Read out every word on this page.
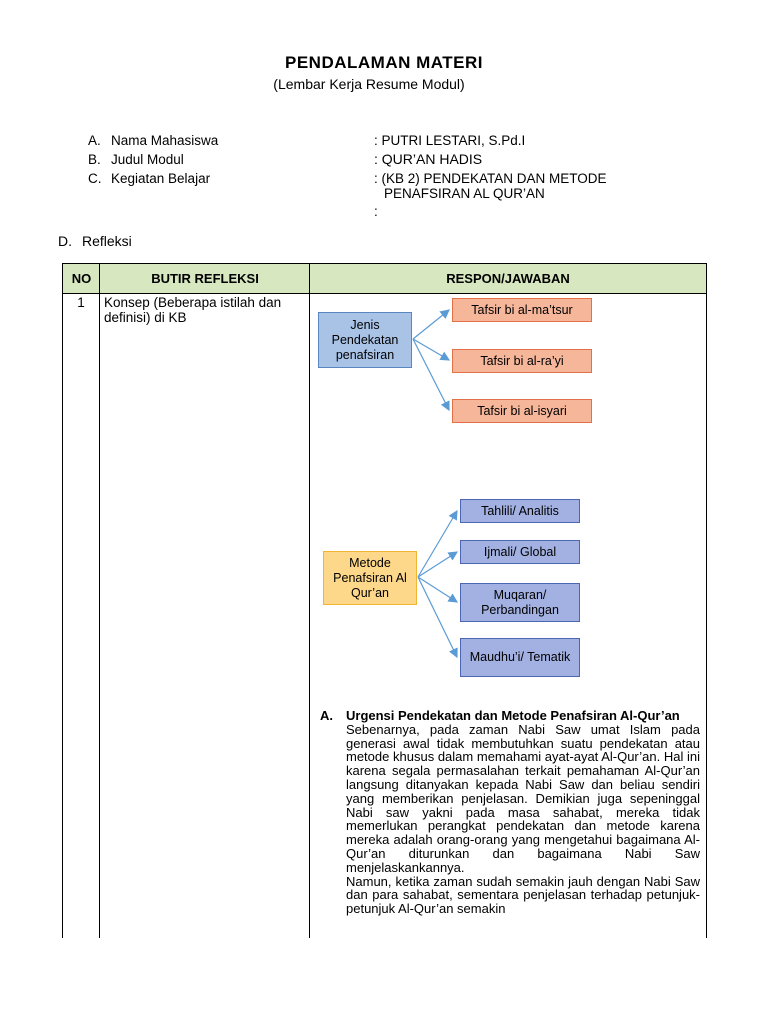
PENDALAMAN MATERI
(Lembar Kerja Resume Modul)
A. Nama Mahasiswa	: PUTRI LESTARI, S.Pd.I
B. Judul Modul	: QUR’AN HADIS
C. Kegiatan Belajar	: (KB 2) PENDEKATAN DAN METODE
PENAFSIRAN AL QUR’AN
:
D. Refleksi
NO	BUTIR REFLEKSI	RESPON/JAWABAN
1	Konsep (Beberapa istilah dan definisi) di KB	Jenis Pendekatan penafsiran
Tafsir bi al-ma’tsur
Tafsir bi al-ra’yi
Tafsir bi al-isyari
Metode Penafsiran Al Qur’an
Tahlili/ Analitis
Ijmali/ Global
Muqaran/ Perbandingan
Maudhu’i/ Tematik
A.	Urgensi Pendekatan dan Metode Penafsiran Al-Qur’an

Sebenarnya, pada zaman Nabi Saw umat Islam pada generasi awal tidak membutuhkan suatu pendekatan atau metode khusus dalam memahami ayat-ayat Al-Qur’an. Hal ini karena segala permasalahan terkait pemahaman Al-Qur’an langsung ditanyakan kepada Nabi Saw dan beliau sendiri yang memberikan penjelasan. Demikian juga sepeninggal Nabi saw yakni pada masa sahabat, mereka tidak memerlukan perangkat pendekatan dan metode karena mereka adalah orang-orang yang mengetahui bagaimana Al-Qur’an diturunkan dan bagaimana Nabi Saw menjelaskankannya.

Namun, ketika zaman sudah semakin jauh dengan Nabi Saw dan para sahabat, sementara penjelasan terhadap petunjuk-petunjuk Al-Qur’an semakin
